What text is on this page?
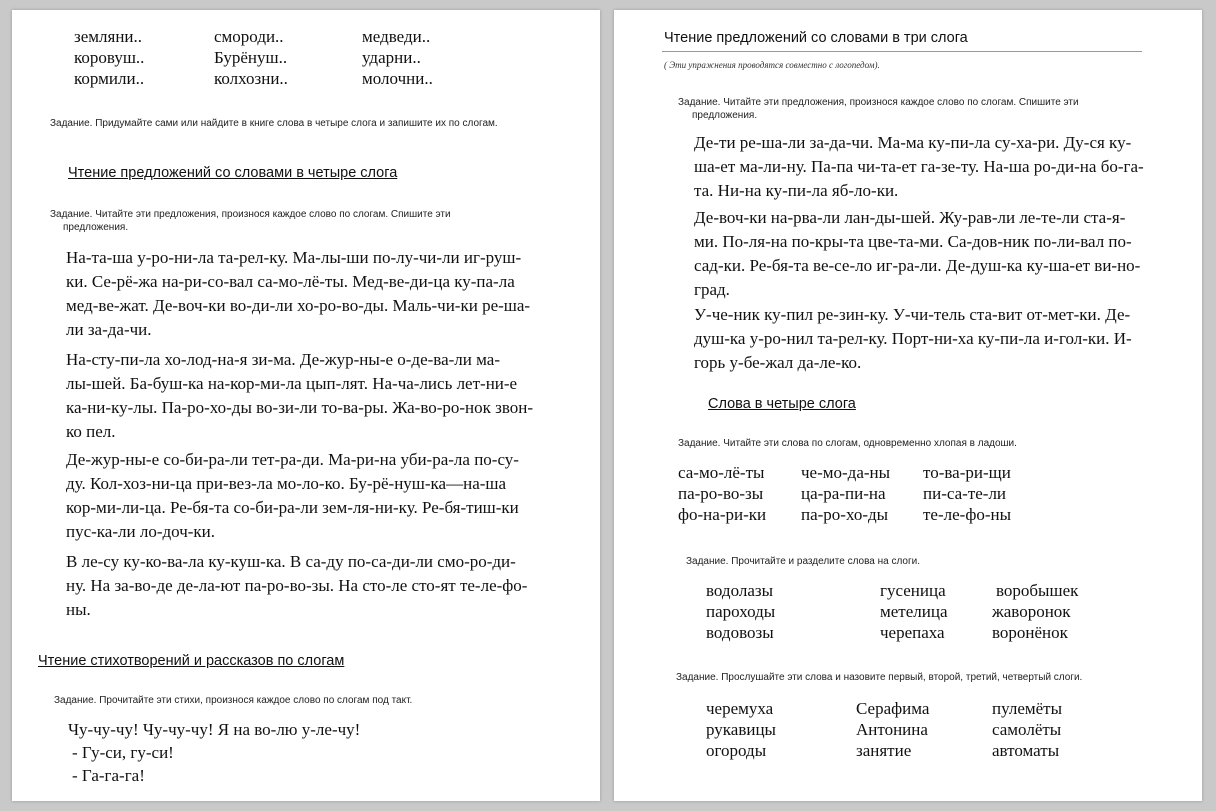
земляни..	смороди..	медведи..
коровуш..	Бурёнуш..	ударни..
кормили..	колхозни..	молочни..
Задание. Придумайте сами или найдите в книге слова в четыре слога и запишите их по слогам.
Чтение предложений со словами в четыре слога
Задание. Читайте эти предложения, произнося каждое слово по слогам. Спишите эти
предложения.
На-та-ша у-ро-ни-ла та-рел-ку. Ма-лы-ши по-лу-чи-ли иг-руш-
ки. Се-рё-жа на-ри-со-вал са-мо-лё-ты. Мед-ве-ди-ца ку-па-ла
мед-ве-жат. Де-воч-ки во-ди-ли хо-ро-во-ды. Маль-чи-ки ре-ша-
ли за-да-чи.
На-сту-пи-ла хо-лод-на-я зи-ма. Де-жур-ны-е о-де-ва-ли ма-
лы-шей. Ба-буш-ка на-кор-ми-ла цып-лят. На-ча-лись лет-ни-е
ка-ни-ку-лы. Па-ро-хо-ды во-зи-ли то-ва-ры. Жа-во-ро-нок звон-
ко пел.
Де-жур-ны-е со-би-ра-ли тет-ра-ди. Ма-ри-на уби-ра-ла по-су-
ду. Кол-хоз-ни-ца при-вез-ла мо-ло-ко. Бу-рё-нуш-ка—на-ша
кор-ми-ли-ца. Ре-бя-та со-би-ра-ли зем-ля-ни-ку. Ре-бя-тиш-ки
пус-ка-ли ло-доч-ки.
В ле-су ку-ко-ва-ла ку-куш-ка. В са-ду по-са-ди-ли смо-ро-ди-
ну. На за-во-де де-ла-ют па-ро-во-зы. На сто-ле сто-ят те-ле-фо-
ны.
Чтение стихотворений и рассказов по слогам
Задание. Прочитайте эти стихи, произнося каждое слово по слогам под такт.
Чу-чу-чу! Чу-чу-чу! Я на во-лю у-ле-чу!
- Гу-си, гу-си!
- Га-га-га!
Чтение предложений со словами в три слога
( Эти упражнения проводятся совместно с логопедом).
Задание. Читайте эти предложения, произнося каждое слово по слогам. Спишите эти
предложения.
Де-ти ре-ша-ли за-да-чи. Ма-ма ку-пи-ла су-ха-ри. Ду-ся ку-
ша-ет ма-ли-ну. Па-па чи-та-ет га-зе-ту. На-ша ро-ди-на бо-га-
та. Ни-на ку-пи-ла яб-ло-ки.
Де-воч-ки на-рва-ли лан-ды-шей. Жу-рав-ли ле-те-ли ста-я-
ми. По-ля-на по-кры-та цве-та-ми. Са-дов-ник по-ли-вал по-
сад-ки. Ре-бя-та ве-се-ло иг-ра-ли. Де-душ-ка ку-ша-ет ви-но-
град.
У-че-ник ку-пил ре-зин-ку. У-чи-тель ста-вит от-мет-ки. Де-
душ-ка у-ро-нил та-рел-ку. Порт-ни-ха ку-пи-ла и-гол-ки. И-
горь у-бе-жал да-ле-ко.
Слова в четыре слога
Задание. Читайте эти слова по слогам, одновременно хлопая в ладоши.
са-мо-лё-ты че-мо-да-ны то-ва-ри-щи
па-ро-во-зы ца-ра-пи-на пи-са-те-ли
фо-на-ри-ки па-ро-хо-ды те-ле-фо-ны
Задание. Прочитайте и разделите слова на слоги.
водолазы	гусеница	воробышек
пароходы	метелица	жаворонок
водовозы	черепаха	воронёнок
Задание. Прослушайте эти слова и назовите первый, второй, третий, четвертый слоги.
черемуха	Серафима	пулемёты
рукавицы	Антонина	самолёты
огороды	занятие	автоматы
